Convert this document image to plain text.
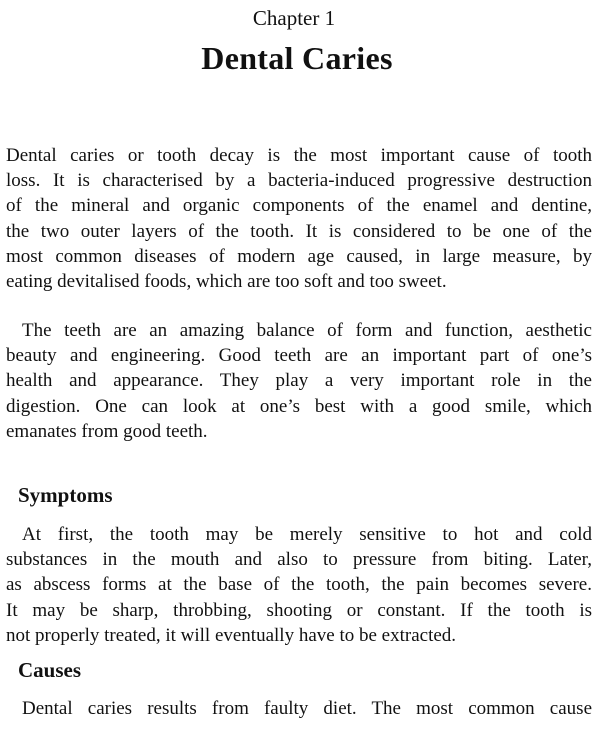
Chapter 1
Dental Caries

Dental caries or tooth decay is the most important cause of tooth
loss. It is characterised by a bacteria-induced progressive destruction
of the mineral and organic components of the enamel and dentine,
the two outer layers of the tooth. It is considered to be one of the
most common diseases of modern age caused, in large measure, by
eating devitalised foods, which are too soft and too sweet.

The teeth are an amazing balance of form and function, aesthetic
beauty and engineering. Good teeth are an important part of one’s
health and appearance. They play a very important role in the
digestion. One can look at one’s best with a good smile, which
emanates from good teeth.

Symptoms

At first, the tooth may be merely sensitive to hot and cold
substances in the mouth and also to pressure from biting. Later,
as abscess forms at the base of the tooth, the pain becomes severe.
It may be sharp, throbbing, shooting or constant. If the tooth is
not properly treated, it will eventually have to be extracted.

Causes

Dental caries results from faulty diet. The most common cause
